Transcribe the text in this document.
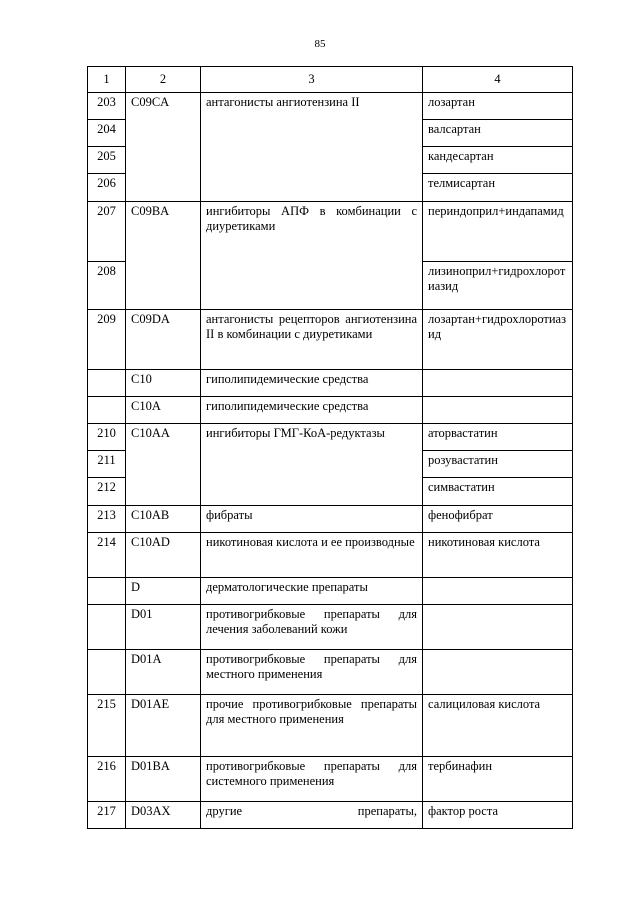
85
1	2	3	4
203	C09CA	антагонисты ангиотензина II	лозартан
204			валсартан
205			кандесартан
206			телмисартан
207	C09BA	ингибиторы АПФ в комбинации с диуретиками	периндоприл+индапамид
208			лизиноприл+гидрохлоротиазид
209	C09DA	антагонисты рецепторов ангиотензина II в комбинации с диуретиками	лозартан+гидрохлоротиазид
	C10	гиполипидемические средства	
	C10A	гиполипидемические средства	
210	C10AA	ингибиторы ГМГ-КоА-редуктазы	аторвастатин
211			розувастатин
212			симвастатин
213	C10AB	фибраты	фенофибрат
214	C10AD	никотиновая кислота и ее производные	никотиновая кислота
	D	дерматологические препараты	
	D01	противогрибковые препараты для лечения заболеваний кожи	
	D01A	противогрибковые препараты для местного применения	
215	D01AE	прочие противогрибковые препараты для местного применения	салициловая кислота
216	D01BA	противогрибковые препараты для системного применения	тербинафин
217	D03AX	другие препараты,	фактор роста
